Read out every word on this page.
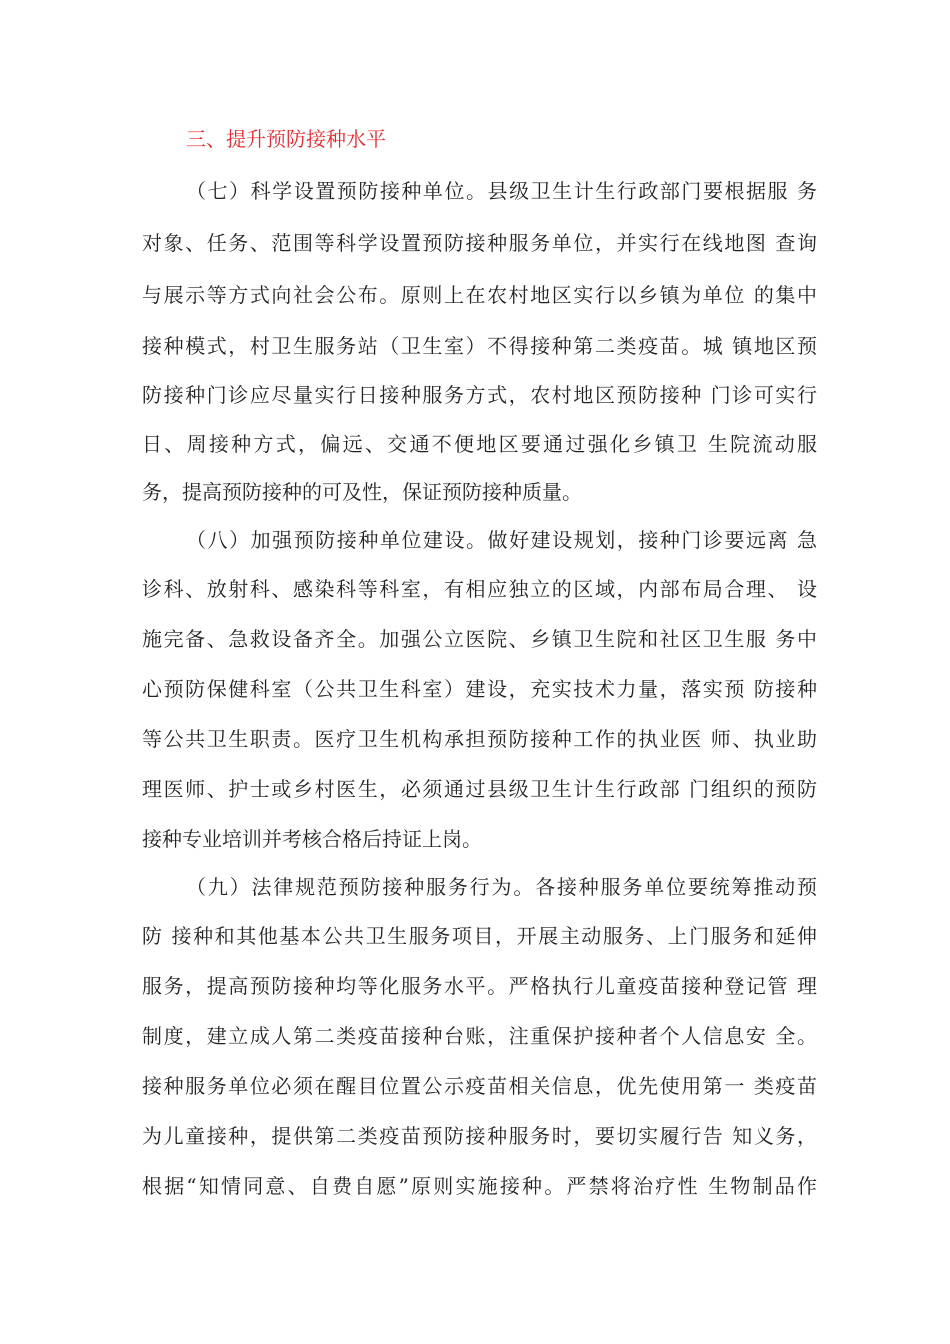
三、提升预防接种水平
（七）科学设置预防接种单位。县级卫生计生行政部门要根据服 务
对象、任务、范围等科学设置预防接种服务单位，并实行在线地图 查询
与展示等方式向社会公布。原则上在农村地区实行以乡镇为单位 的集中
接种模式，村卫生服务站（卫生室）不得接种第二类疫苗。城 镇地区预
防接种门诊应尽量实行日接种服务方式，农村地区预防接种 门诊可实行
日、周接种方式，偏远、交通不便地区要通过强化乡镇卫 生院流动服
务，提高预防接种的可及性，保证预防接种质量。
（八）加强预防接种单位建设。做好建设规划，接种门诊要远离 急
诊科、放射科、感染科等科室，有相应独立的区域，内部布局合理、 设
施完备、急救设备齐全。加强公立医院、乡镇卫生院和社区卫生服 务中
心预防保健科室（公共卫生科室）建设，充实技术力量，落实预 防接种
等公共卫生职责。医疗卫生机构承担预防接种工作的执业医 师、执业助
理医师、护士或乡村医生，必须通过县级卫生计生行政部 门组织的预防
接种专业培训并考核合格后持证上岗。
（九）法律规范预防接种服务行为。各接种服务单位要统筹推动预
防 接种和其他基本公共卫生服务项目，开展主动服务、上门服务和延伸
服务，提高预防接种均等化服务水平。严格执行儿童疫苗接种登记管 理
制度，建立成人第二类疫苗接种台账，注重保护接种者个人信息安 全。
接种服务单位必须在醒目位置公示疫苗相关信息，优先使用第一 类疫苗
为儿童接种，提供第二类疫苗预防接种服务时，要切实履行告 知义务，
根据“知情同意、自费自愿”原则实施接种。严禁将治疗性 生物制品作
